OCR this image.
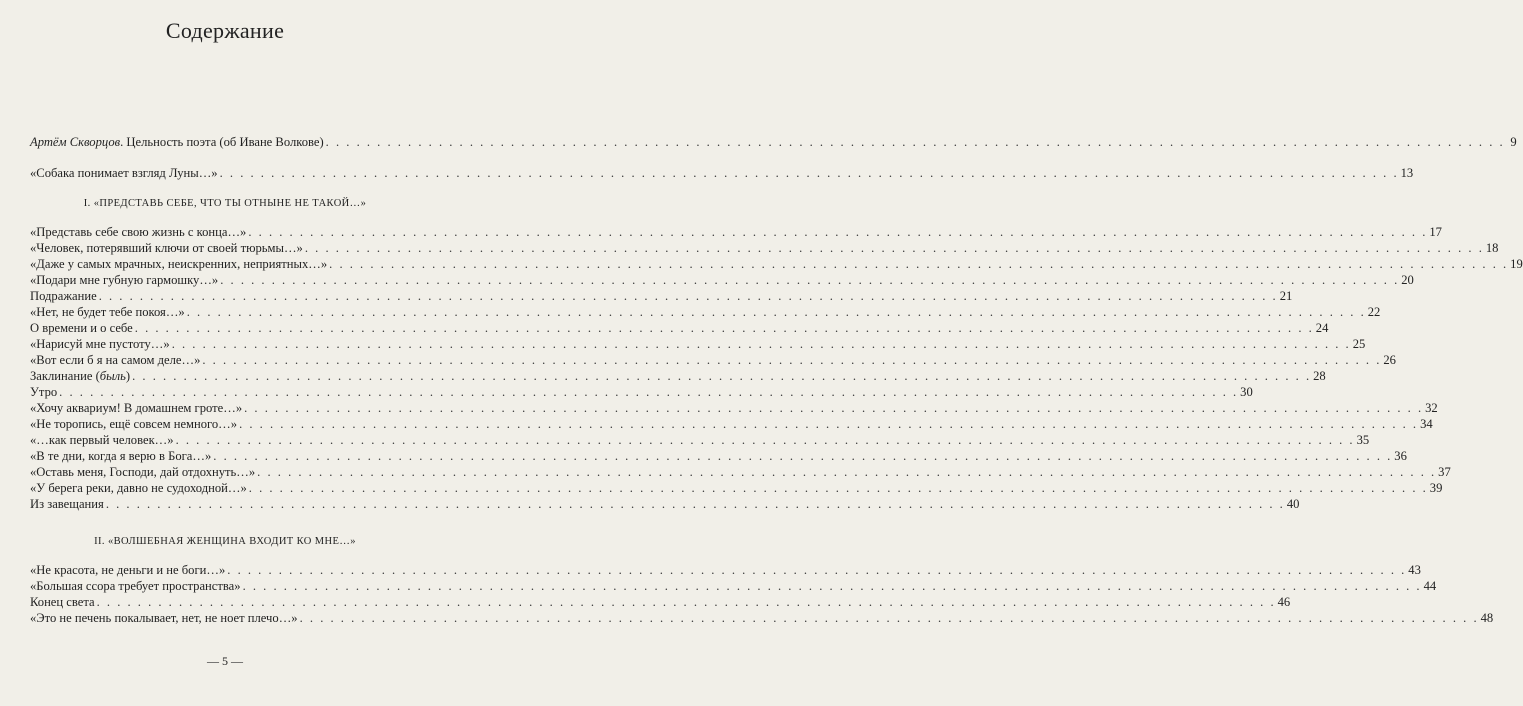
Содержание
Артём Скворцов. Цельность поэта (об Иване Волкове) . . .	9
«Собака понимает взгляд Луны…» . . .	13
I. «ПРЕДСТАВЬ СЕБЕ, ЧТО ТЫ ОТНЫНЕ НЕ ТАКОЙ…»
«Представь себе свою жизнь с конца…» . . .	17
«Человек, потерявший ключи от своей тюрьмы…» . . .	18
«Даже у самых мрачных, неискренних, неприятных…» . . .	19
«Подари мне губную гармошку…» . . .	20
Подражание . . .	21
«Нет, не будет тебе покоя…» . . .	22
О времени и о себе . . .	24
«Нарисуй мне пустоту…» . . .	25
«Вот если б я на самом деле…» . . .	26
Заклинание (быль) . . .	28
Утро . . .	30
«Хочу аквариум! В домашнем гроте…» . . .	32
«Не торопись, ещё совсем немного…» . . .	34
«…как первый человек…» . . .	35
«В те дни, когда я верю в Бога…» . . .	36
«Оставь меня, Господи, дай отдохнуть…» . . .	37
«У берега реки, давно не судоходной…» . . .	39
Из завещания . . .	40
II. «ВОЛШЕБНАЯ ЖЕНЩИНА ВХОДИТ КО МНЕ…»
«Не красота, не деньги и не боги…» . . .	43
«Большая ссора требует пространства» . . .	44
Конец света . . .	46
«Это не печень покалывает, нет, не ноет плечо…» . . .	48
— 5 —
